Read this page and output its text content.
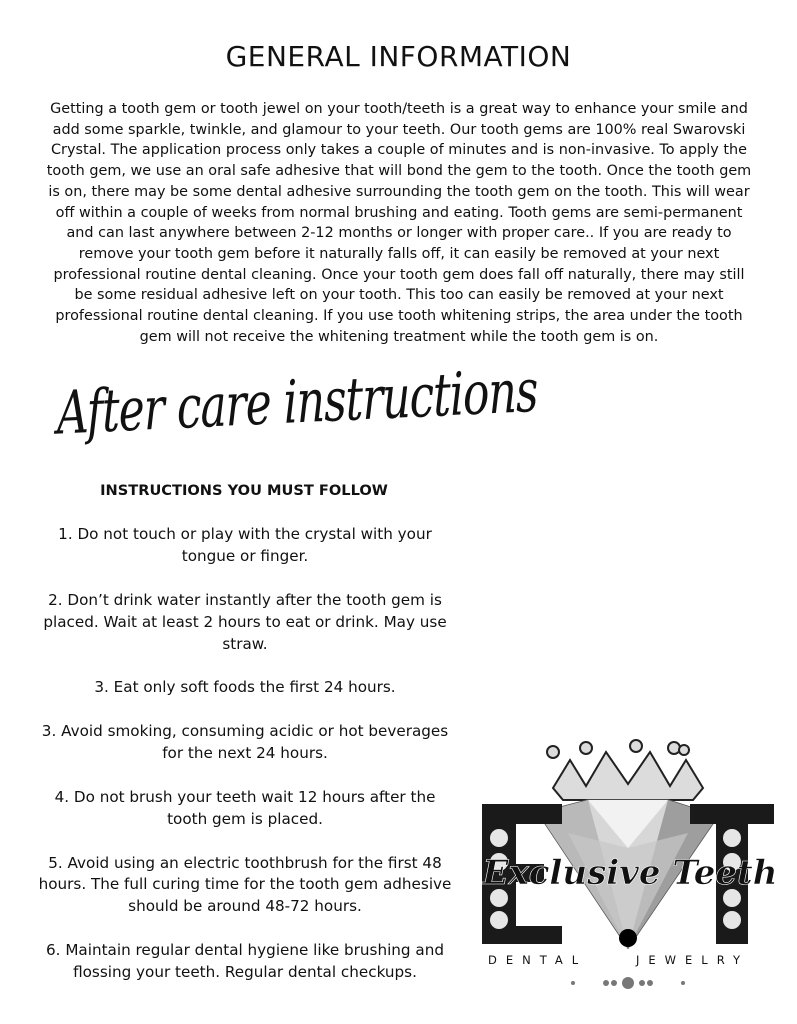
GENERAL INFORMATION

Getting a tooth gem or tooth jewel on your tooth/teeth is a great way to enhance your smile and add some sparkle, twinkle, and glamour to your teeth. Our tooth gems are 100% real Swarovski Crystal. The application process only takes a couple of minutes and is non-invasive. To apply the tooth gem, we use an oral safe adhesive that will bond the gem to the tooth. Once the tooth gem is on, there may be some dental adhesive surrounding the tooth gem on the tooth. This will wear off within a couple of weeks from normal brushing and eating. Tooth gems are semi-permanent and can last anywhere between 2-12 months or longer with proper care.. If you are ready to remove your tooth gem before it naturally falls off, it can easily be removed at your next professional routine dental cleaning. Once your tooth gem does fall off naturally, there may still be some residual adhesive left on your tooth. This too can easily be removed at your next professional routine dental cleaning. If you use tooth whitening strips, the area under the tooth gem will not receive the whitening treatment while the tooth gem is on.

After care instructions
INSTRUCTIONS YOU MUST FOLLOW
1. Do not touch or play with the crystal with your tongue or finger.
2. Don’t drink water instantly after the tooth gem is placed. Wait at least 2 hours to eat or drink. May use straw.
3. Eat only soft foods the first 24 hours.
3. Avoid smoking, consuming acidic or hot beverages for the next 24 hours.
4. Do not brush your teeth wait 12 hours after the tooth gem is placed.
5. Avoid using an electric toothbrush for the first 48 hours. The full curing time for the tooth gem adhesive should be around 48-72 hours.
6. Maintain regular dental hygiene like brushing and flossing your teeth. Regular dental checkups.
Exclusive Teeth
DENTAL	JEWELRY
